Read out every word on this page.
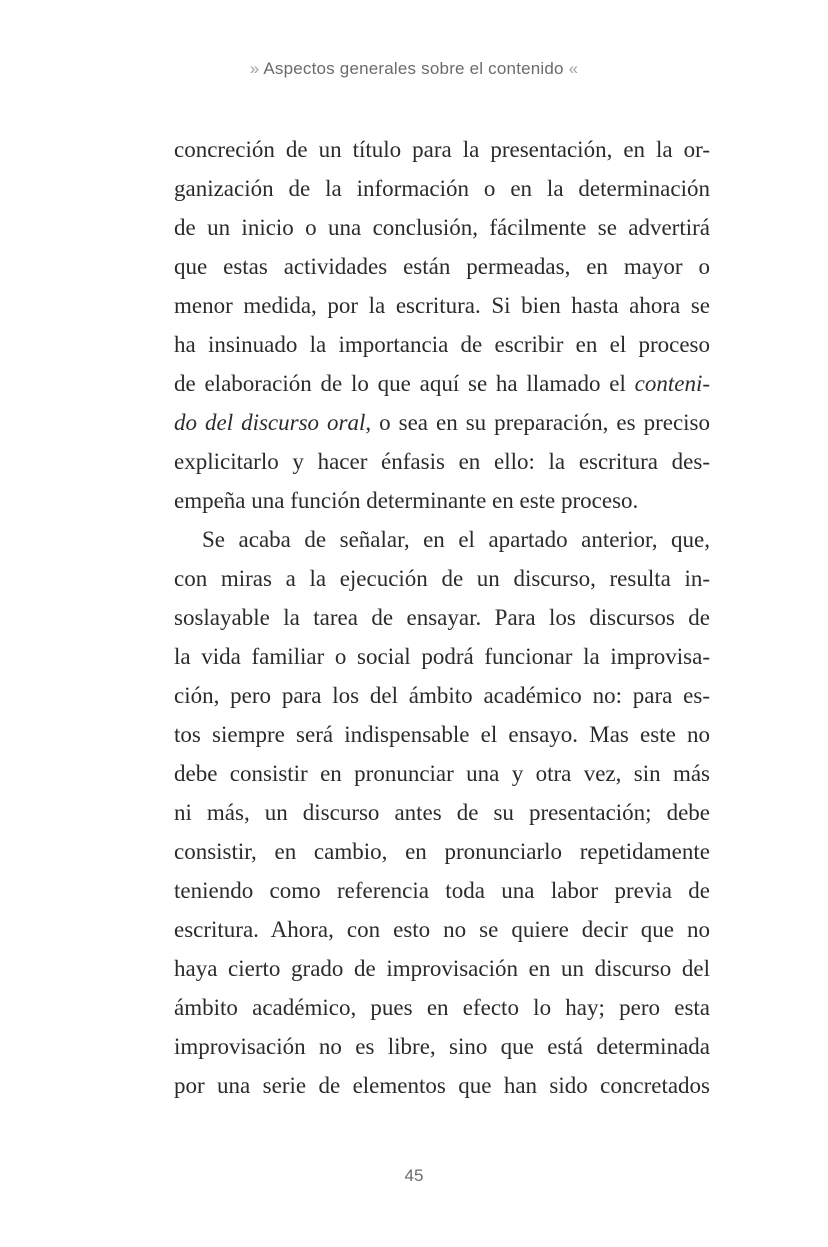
» Aspectos generales sobre el contenido «
concreción de un título para la presentación, en la or-
ganización de la información o en la determinación
de un inicio o una conclusión, fácilmente se advertirá
que estas actividades están permeadas, en mayor o
menor medida, por la escritura. Si bien hasta ahora se
ha insinuado la importancia de escribir en el proceso
de elaboración de lo que aquí se ha llamado el conteni-
do del discurso oral, o sea en su preparación, es preciso
explicitarlo y hacer énfasis en ello: la escritura des-
empeña una función determinante en este proceso.
Se acaba de señalar, en el apartado anterior, que,
con miras a la ejecución de un discurso, resulta in-
soslayable la tarea de ensayar. Para los discursos de
la vida familiar o social podrá funcionar la improvisa-
ción, pero para los del ámbito académico no: para es-
tos siempre será indispensable el ensayo. Mas este no
debe consistir en pronunciar una y otra vez, sin más
ni más, un discurso antes de su presentación; debe
consistir, en cambio, en pronunciarlo repetidamente
teniendo como referencia toda una labor previa de
escritura. Ahora, con esto no se quiere decir que no
haya cierto grado de improvisación en un discurso del
ámbito académico, pues en efecto lo hay; pero esta
improvisación no es libre, sino que está determinada
por una serie de elementos que han sido concretados
45
